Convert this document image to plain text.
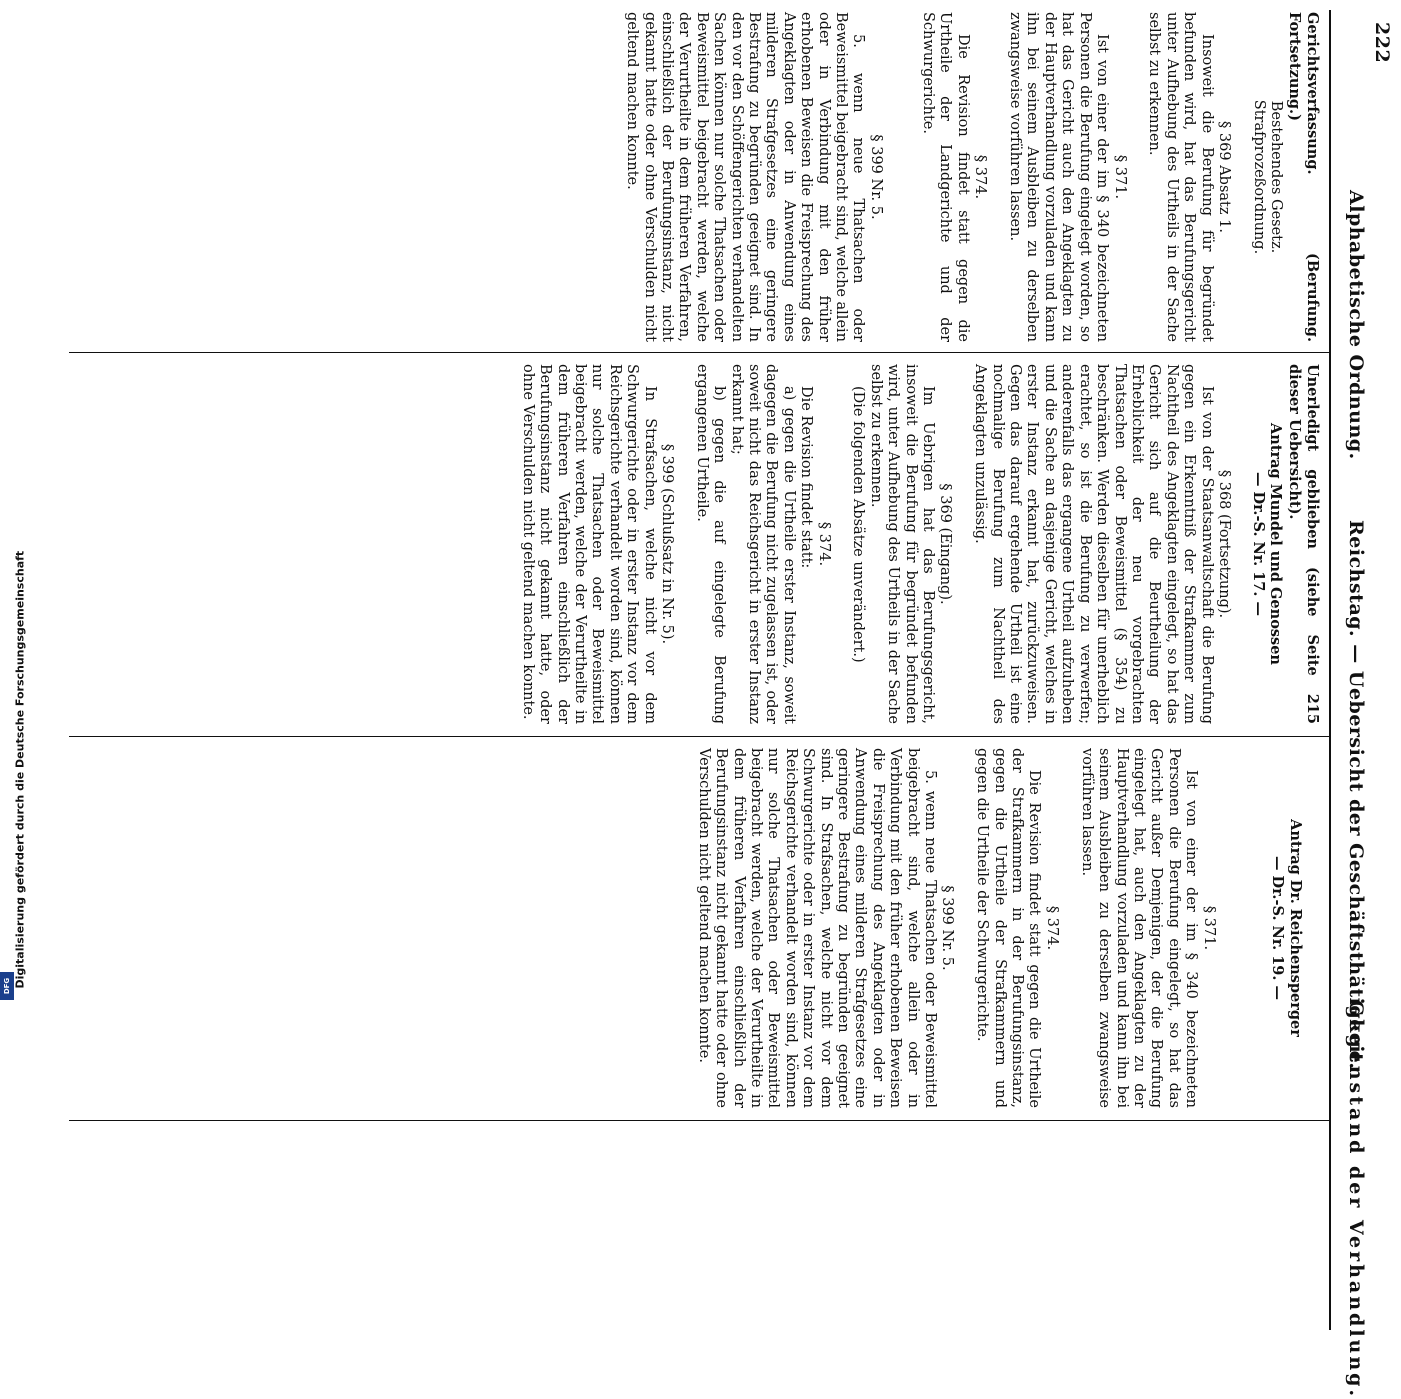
222
Alphabetische Ordnung.
Reichstag. — Uebersicht der Geschäftsthätigkeit.
Gegenstand der Verhandlung.
Gerichtsverfassung. (Berufung. Fortsetzung.)
Bestehendes Gesetz.
Strafprozeßordnung.

§ 369 Absatz 1.
Insoweit die Berufung für begründet befunden wird, hat das Berufungsgericht unter Aufhebung des Urtheils in der Sache selbst zu erkennen.

§ 371.
Ist von einer der im § 340 bezeichneten Personen die Berufung eingelegt worden, so hat das Gericht auch den Angeklagten zu der Hauptverhandlung vorzuladen und kann ihn bei seinem Ausbleiben zu derselben zwangsweise vorführen lassen.

§ 374.
Die Revision findet statt gegen die Urtheile der Landgerichte und der Schwurgerichte.

§ 399 Nr. 5.
5. wenn neue Thatsachen oder Beweismittel beigebracht sind, welche allein oder in Verbindung mit den früher erhobenen Beweisen die Freisprechung des Angeklagten oder in Anwendung eines milderen Strafgesetzes eine geringere Bestrafung zu begründen geeignet sind. In den vor den Schöffengerichten verhandelten Sachen können nur solche Thatsachen oder Beweismittel beigebracht werden, welche der Verurtheilte in dem früheren Verfahren, einschließlich der Berufungsinstanz, nicht gekannt hatte oder ohne Verschulden nicht geltend machen konnte.
Unerledigt geblieben (siehe Seite 215 dieser Uebersicht).
Antrag Mundel und Genossen
— Dr.-S. Nr. 17. —

§ 368 (Fortsetzung).
Ist von der Staatsanwaltschaft die Berufung gegen ein Erkenntniß der Strafkammer zum Nachtheil des Angeklagten eingelegt, so hat das Gericht sich auf die Beurtheilung der Erheblichkeit der neu vorgebrachten Thatsachen oder Beweismittel (§ 354) zu beschränken. Werden dieselben für unerheblich erachtet, so ist die Berufung zu verwerfen; anderenfalls das ergangene Urtheil aufzuheben und die Sache an dasjenige Gericht, welches in erster Instanz erkannt hat, zurückzuweisen. Gegen das darauf ergehende Urtheil ist eine nochmalige Berufung zum Nachtheil des Angeklagten unzulässig.

§ 369 (Eingang).
Im Uebrigen hat das Berufungsgericht, insoweit die Berufung für begründet befunden wird, unter Aufhebung des Urtheils in der Sache selbst zu erkennen.
(Die folgenden Absätze unverändert.)

§ 374.
Die Revision findet statt:
a) gegen die Urtheile erster Instanz, soweit dagegen die Berufung nicht zugelassen ist, oder soweit nicht das Reichsgericht in erster Instanz erkannt hat;
b) gegen die auf eingelegte Berufung ergangenen Urtheile.

§ 399 (Schlußsatz in Nr. 5).
In Strafsachen, welche nicht vor dem Schwurgerichte oder in erster Instanz vor dem Reichsgerichte verhandelt worden sind, können nur solche Thatsachen oder Beweismittel beigebracht werden, welche der Verurtheilte in dem früheren Verfahren einschließlich der Berufungsinstanz nicht gekannt hatte, oder ohne Verschulden nicht geltend machen konnte.

Antrag Dr. Reichensperger
— Dr.-S. Nr. 19. —

§ 371.
Ist von einer der im § 340 bezeichneten Personen die Berufung eingelegt, so hat das Gericht außer Demjenigen, der die Berufung eingelegt hat, auch den Angeklagten zu der Hauptverhandlung vorzuladen und kann ihn bei seinem Ausbleiben zu derselben zwangsweise vorführen lassen.

§ 374.
Die Revision findet statt gegen die Urtheile der Strafkammern in der Berufungsinstanz, gegen die Urtheile der Strafkammern und gegen die Urtheile der Schwurgerichte.

§ 399 Nr. 5.
5. wenn neue Thatsachen oder Beweismittel beigebracht sind, welche allein oder in Verbindung mit den früher erhobenen Beweisen die Freisprechung des Angeklagten oder in Anwendung eines milderen Strafgesetzes eine geringere Bestrafung zu begründen geeignet sind. In Strafsachen, welche nicht vor dem Schwurgerichte oder in erster Instanz vor dem Reichsgerichte verhandelt worden sind, können nur solche Thatsachen oder Beweismittel beigebracht werden, welche der Verurtheilte in dem früheren Verfahren einschließlich der Berufungsinstanz nicht gekannt hatte oder ohne Verschulden nicht geltend machen konnte.
Digitalisierung gefördert durch die Deutsche Forschungsgemeinschaft
DFG
